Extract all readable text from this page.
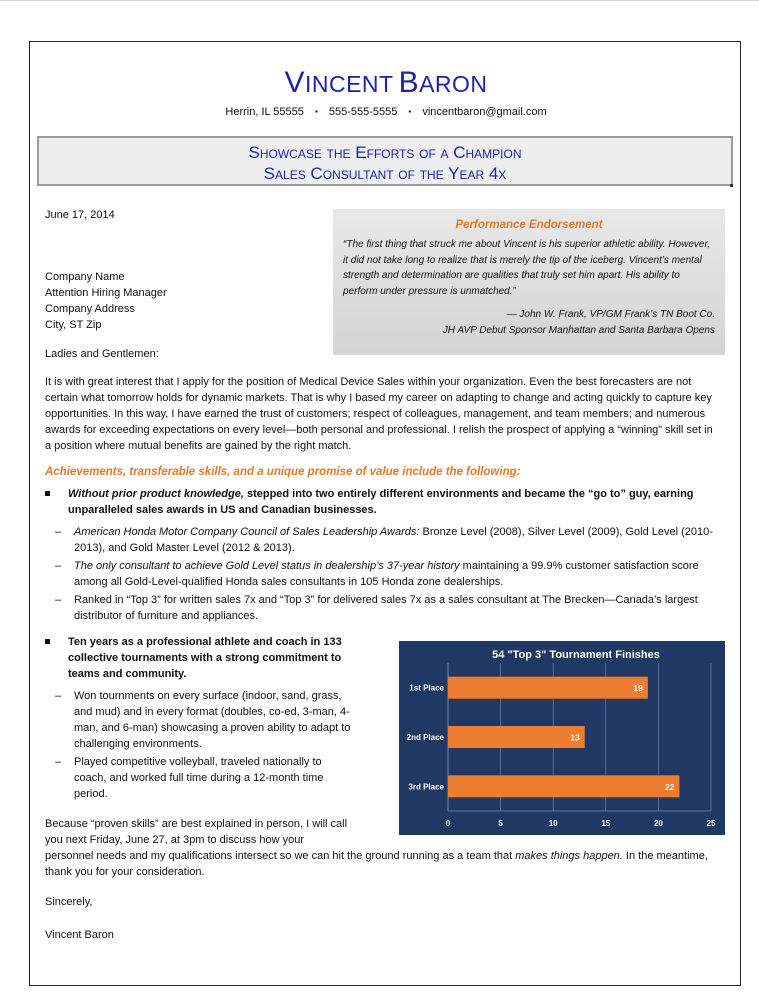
VINCENT BARON
Herrin, IL 55555 ▪ 555-555-5555 ▪ vincentbaron@gmail.com
Showcase the Efforts of a Champion
Sales Consultant of the Year 4x
June 17, 2014
Performance Endorsement
“The first thing that struck me about Vincent is his superior athletic ability. However, it did not take long to realize that is merely the tip of the iceberg. Vincent’s mental strength and determination are qualities that truly set him apart. His ability to perform under pressure is unmatched.”
— John W. Frank, VP/GM Frank’s TN Boot Co.
JH AVP Debut Sponsor Manhattan and Santa Barbara Opens
Company Name
Attention Hiring Manager
Company Address
City, ST Zip
Ladies and Gentlemen:
It is with great interest that I apply for the position of Medical Device Sales within your organization. Even the best forecasters are not certain what tomorrow holds for dynamic markets. That is why I based my career on adapting to change and acting quickly to capture key opportunities. In this way, I have earned the trust of customers; respect of colleagues, management, and team members; and numerous awards for exceeding expectations on every level—both personal and professional. I relish the prospect of applying a “winning” skill set in a position where mutual benefits are gained by the right match.
Achievements, transferable skills, and a unique promise of value include the following:
Without prior product knowledge, stepped into two entirely different environments and became the “go to” guy, earning unparalleled sales awards in US and Canadian businesses.
– American Honda Motor Company Council of Sales Leadership Awards: Bronze Level (2008), Silver Level (2009), Gold Level (2010-2013), and Gold Master Level (2012 & 2013).
– The only consultant to achieve Gold Level status in dealership’s 37-year history maintaining a 99.9% customer satisfaction score among all Gold-Level-qualified Honda sales consultants in 105 Honda zone dealerships.
– Ranked in “Top 3” for written sales 7x and “Top 3” for delivered sales 7x as a sales consultant at The Brecken—Canada’s largest distributor of furniture and appliances.
Ten years as a professional athlete and coach in 133 collective tournaments with a strong commitment to teams and community.
– Won tournments on every surface (indoor, sand, grass, and mud) and in every format (doubles, co-ed, 3-man, 4-man, and 6-man) showcasing a proven ability to adapt to challenging environments.
– Played competitive volleyball, traveled nationally to coach, and worked full time during a 12-month time period.
0	5	10	15	20	25
54 "Top 3" Tournament Finishes
1st Place	19
2nd Place	13
3rd Place	22
Because “proven skills” are best explained in person, I will call you next Friday, June 27, at 3pm to discuss how your personnel needs and my qualifications intersect so we can hit the ground running as a team that makes things happen. In the meantime, thank you for your consideration.
Sincerely,
Vincent Baron
